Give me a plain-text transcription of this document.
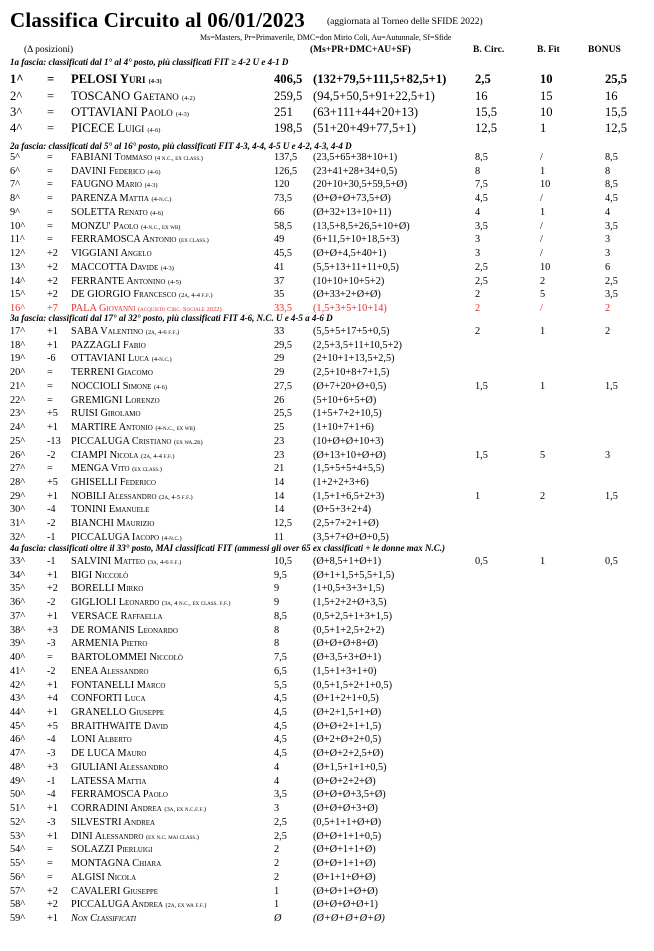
Classifica Circuito al 06/01/2023 (aggiornata al Torneo delle SFIDE 2022)
Ms=Masters, Pr=Primaverile, DMC=don Mirio Coli, Au=Autunnale, Sf=Sfide
(Δ posizioni)	(Ms+PR+DMC+AU+SF)	B. Circ.	B. Fit	BONUS
1a fascia: classificati dal 1° al 4° posto, più classificati FIT ≥ 4-2 U e 4-1 D
2a fascia: classificati dal 5° al 16° posto, più classificati FIT 4-3, 4-4, 4-5 U e 4-2, 4-3, 4-4 D
3a fascia: classificati dal 17° al 32° posto, più classificati FIT 4-6, N.C. U e 4-5 a 4-6 D
4a fascia: classificati oltre il 33° posto, MAI classificati FIT (ammessi gli over 65 ex classificati + le donne max N.C.)
1^ = PELOSI Yuri (4-3)	406,5 (132+79,5+111,5+82,5+1) 2,5	10	25,5
2^ = TOSCANO Gaetano (4-2)	259,5 (94,5+50,5+91+22,5+1)	16	15	16
3^ = OTTAVIANI Paolo (4-3)	251 (63+111+44+20+13)	15,5	10	15,5
4^ = PICECE Luigi (4-6)	198,5 (51+20+49+77,5+1)	12,5	1	12,5
5^	= FABIANI Tommaso (4 n.c., ex class.)	137,5 (23,5+65+38+10+1)	8,5	/	8,5
6^	= DAVINI Federico (4-6)	126,5 (23+41+28+34+0,5)	8	1	8
7^	= FAUGNO Mario (4-3)	120 (20+10+30,5+59,5+Ø)	7,5	10	8,5
8^	= PARENZA Mattia (4-n.c.)	73,5 (Ø+Ø+Ø+73,5+Ø)	4,5	/	4,5
9^	= SOLETTA Renato (4-6)	66	(Ø+32+13+10+11)	4	1	4
10^ = MONZU' Paolo (4-n.c., ex wb)	58,5 (13,5+8,5+26,5+10+Ø)	3,5	/	3,5
11^ = FERRAMOSCA Antonio (ex class.)	49	(6+11,5+10+18,5+3)	3	/	3
12^ +2 VIGGIANI Angelo	45,5 (Ø+Ø+4,5+40+1)	3	/	3
13^ +2 MACCOTTA Davide (4-3)	41	(5,5+13+11+11+0,5)	2,5	10	6
14^ +2 FERRANTE Antonino (4-5)	37	(10+10+10+5+2)	2,5	2	2,5
15^ +2 DE GIORGIO Francesco (2a, 4-4 f.f.)	35	(Ø+33+2+Ø+Ø)	2	5	3,5
16^ +7 PALA Giovanni (acquisto Circ. Sociale 2022)	33,5 (1,5+3+5+10+14)	2	/	2
17^ +1 SABA Valentino (2a, 4-6 f.f.)	33	(5,5+5+17+5+0,5)	2	1	2
18^ +1 PAZZAGLI Fabio	29,5 (2,5+3,5+11+10,5+2)
19^ -6 OTTAVIANI Luca (4-n.c.)	29	(2+10+1+13,5+2,5)
20^ = TERRENI Giacomo	29	(2,5+10+8+7+1,5)
21^ = NOCCIOLI Simone (4-6)	27,5 (Ø+7+20+Ø+0,5)	1,5	1	1,5
22^ = GREMIGNI Lorenzo	26	(5+10+6+5+Ø)
23^ +5 RUISI Girolamo	25,5 (1+5+7+2+10,5)
24^ +1 MARTIRE Antonio (4-n.c., ex wb)	25	(1+10+7+1+6)
25^ -13 PICCALUGA Cristiano (ex wa.2b)	23	(10+Ø+Ø+10+3)
26^ -2 CIAMPI Nicola (2a, 4-4 f.f.)	23	(Ø+13+10+Ø+Ø)	1,5	5	3
27^ = MENGA Vito (ex class.)	21	(1,5+5+5+4+5,5)
28^ +5 GHISELLI Federico	14	(1+2+2+3+6)
29^ +1 NOBILI Alessandro (2a, 4-5 f.f.)	14	(1,5+1+6,5+2+3)	1	2	1,5
30^ -4 TONINI Emanuele	14	(Ø+5+3+2+4)
31^ -2 BIANCHI Maurizio	12,5 (2,5+7+2+1+Ø)
32^ -1 PICCALUGA Iacopo (4-n.c.)	11	(3,5+7+Ø+Ø+0,5)
33^ -1 SALVINI Matteo (3a, 4-6 f.f.)	10,5 (Ø+8,5+1+Ø+1)	0,5	1	0,5
34^ +1 BIGI Niccolò	9,5	(Ø+1+1,5+5,5+1,5)
35^ +2 BORELLI Mirko	9	(1+0,5+3+3+1,5)
36^ -2 GIGLIOLI Leonardo (3a, 4 n.c., ex class. f.f.)	9	(1,5+2+2+Ø+3,5)
37^ +1 VERSACE Raffaella	8,5	(0,5+2,5+1+3+1,5)
38^ +3 DE ROMANIS Leonardo	8	(0,5+1+2,5+2+2)
39^ -3 ARMENIA Pietro	8	(Ø+Ø+Ø+8+Ø)
40^ = BARTOLOMMEI Niccolò	7,5	(Ø+3,5+3+Ø+1)
41^ -2 ENEA Alessandro	6,5	(1,5+1+3+1+0)
42^ +1 FONTANELLI Marco	5,5	(0,5+1,5+2+1+0,5)
43^ +4 CONFORTI Luca	4,5	(Ø+1+2+1+0,5)
44^ +1 GRANELLO Giuseppe	4,5	(Ø+2+1,5+1+Ø)
45^ +5 BRAITHWAITE David	4,5	(Ø+Ø+2+1+1,5)
46^ -4 LONI Alberto	4,5	(Ø+2+Ø+2+0,5)
47^ -3 DE LUCA Mauro	4,5	(Ø+Ø+2+2,5+Ø)
48^ +3 GIULIANI Alessandro	4	(Ø+1,5+1+1+0,5)
49^ -1 LATESSA Mattia	4	(Ø+Ø+2+2+Ø)
50^ -4 FERRAMOSCA Paolo	3,5	(Ø+Ø+Ø+3,5+Ø)
51^ +1 CORRADINI Andrea (3a, ex n.c.f.f.)	3	(Ø+Ø+Ø+3+Ø)
52^ -3 SILVESTRI Andrea	2,5	(0,5+1+1+Ø+Ø)
53^ +1 DINI Alessandro (ex n.c. mai class.)	2,5	(Ø+Ø+1+1+0,5)
54^ = SOLAZZI Pierluigi	2	(Ø+Ø+1+1+Ø)
55^ = MONTAGNA Chiara	2	(Ø+Ø+1+1+Ø)
56^ = ALGISI Nicola	2	(Ø+1+1+Ø+Ø)
57^ +2 CAVALERI Giuseppe	1	(Ø+Ø+1+Ø+Ø)
58^ +2 PICCALUGA Andrea (2a, ex wa f.f.)	1	(Ø+Ø+Ø+Ø+1)
59^ +1 Non Classificati	Ø	(Ø+Ø+Ø+Ø+Ø)
